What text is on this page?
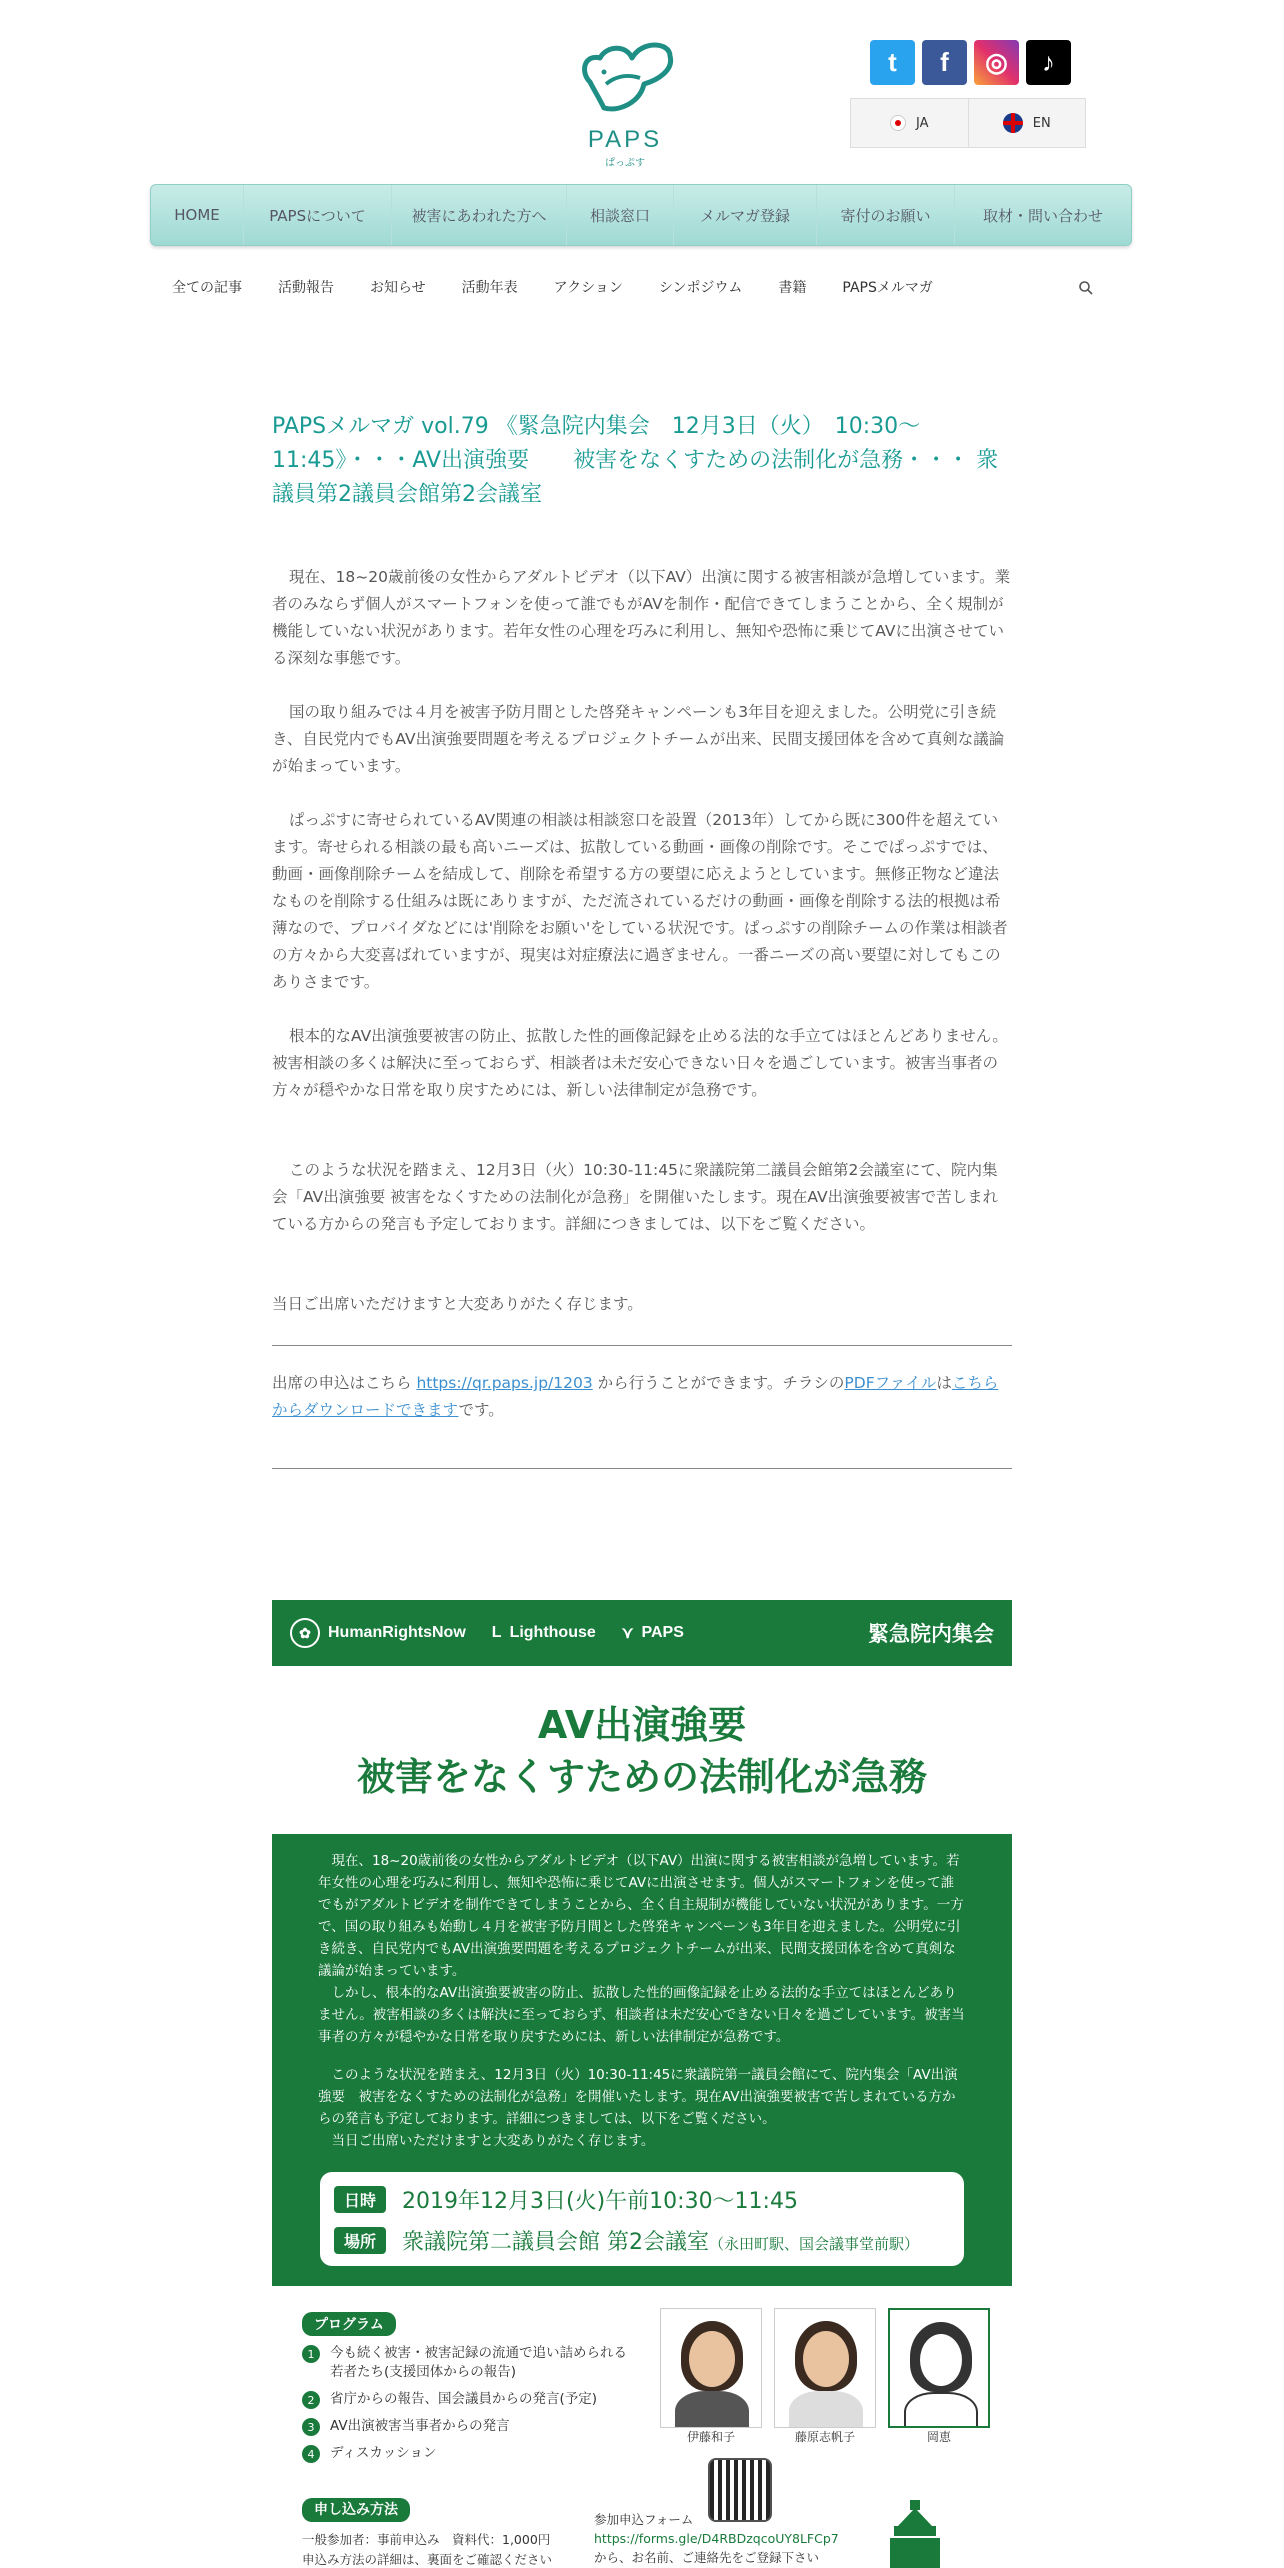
PAPS
ぱっぷす
t	f	◎	♪
JA	EN
HOME	PAPSについて	被害にあわれた方へ	相談窓口	メルマガ登録	寄付のお願い	取材・問い合わせ
全ての記事	活動報告	お知らせ	活動年表	アクション	シンポジウム	書籍	PAPSメルマガ
PAPSメルマガ vol.79 《緊急院内集会　12月3日（火）　10:30～11:45》・・・AV出演強要　　被害をなくすための法制化が急務・・・ 衆議員第2議員会館第2会議室

現在、18~20歳前後の女性からアダルトビデオ（以下AV）出演に関する被害相談が急増しています。業者のみならず個人がスマートフォンを使って誰でもがAVを制作・配信できてしまうことから、全く規制が機能していない状況があります。若年女性の心理を巧みに利用し、無知や恐怖に乗じてAVに出演させている深刻な事態です。

国の取り組みでは４月を被害予防月間とした啓発キャンペーンも3年目を迎えました。公明党に引き続き、自民党内でもAV出演強要問題を考えるプロジェクトチームが出来、民間支援団体を含めて真剣な議論が始まっています。

ぱっぷすに寄せられているAV関連の相談は相談窓口を設置（2013年）してから既に300件を超えています。寄せられる相談の最も高いニーズは、拡散している動画・画像の削除です。そこでぱっぷすでは、動画・画像削除チームを結成して、削除を希望する方の要望に応えようとしています。無修正物など違法なものを削除する仕組みは既にありますが、ただ流されているだけの動画・画像を削除する法的根拠は希薄なので、プロバイダなどには'削除をお願い'をしている状況です。ぱっぷすの削除チームの作業は相談者の方々から大変喜ばれていますが、現実は対症療法に過ぎません。一番ニーズの高い要望に対してもこのありさまです。

根本的なAV出演強要被害の防止、拡散した性的画像記録を止める法的な手立てはほとんどありません。被害相談の多くは解決に至っておらず、相談者は未だ安心できない日々を過ごしています。被害当事者の方々が穏やかな日常を取り戻すためには、新しい法律制定が急務です。

このような状況を踏まえ、12月3日（火）10:30-11:45に衆議院第二議員会館第2会議室にて、院内集会「AV出演強要 被害をなくすための法制化が急務」を開催いたします。現在AV出演強要被害で苦しまれている方からの発言も予定しております。詳細につきましては、以下をご覧ください。

当日ご出席いただけますと大変ありがたく存じます。

出席の申込はこちら https://qr.paps.jp/1203 から行うことができます。チラシのPDFファイルはこちらからダウンロードできますです。

✿	HumanRightsNow L Lighthouse ⋎ PAPS	緊急院内集会
AV出演強要
被害をなくすための法制化が急務

現在、18~20歳前後の女性からアダルトビデオ（以下AV）出演に関する被害相談が急増しています。若年女性の心理を巧みに利用し、無知や恐怖に乗じてAVに出演させます。個人がスマートフォンを使って誰でもがアダルトビデオを制作できてしまうことから、全く自主規制が機能していない状況があります。一方で、国の取り組みも始動し４月を被害予防月間とした啓発キャンペーンも3年目を迎えました。公明党に引き続き、自民党内でもAV出演強要問題を考えるプロジェクトチームが出来、民間支援団体を含めて真剣な議論が始まっています。

しかし、根本的なAV出演強要被害の防止、拡散した性的画像記録を止める法的な手立てはほとんどありません。被害相談の多くは解決に至っておらず、相談者は未だ安心できない日々を過ごしています。被害当事者の方々が穏やかな日常を取り戻すためには、新しい法律制定が急務です。

このような状況を踏まえ、12月3日（火）10:30-11:45に衆議院第一議員会館にて、院内集会「AV出演強要　被害をなくすための法制化が急務」を開催いたします。現在AV出演強要被害で苦しまれている方からの発言も予定しております。詳細につきましては、以下をご覧ください。

当日ご出席いただけますと大変ありがたく存じます。

日時	2019年12月3日(火)午前10:30〜11:45
場所	衆議院第二議員会館 第2会議室（永田町駅、国会議事堂前駅）
プログラム
1	今も続く被害・被害記録の流通で追い詰められる若者たち(支援団体からの報告)
2	省庁からの報告、国会議員からの発言(予定)
3	AV出演被害当事者からの発言
4	ディスカッション
申し込み方法
一般参加者：事前申込み　資料代：1,000円
申込み方法の詳細は、裏面をご確認ください
伊藤和子	藤原志帆子	岡恵
参加申込フォーム
https://forms.gle/D4RBDzqcoUY8LFCp7
から、お名前、ご連絡先をご登録下さい
